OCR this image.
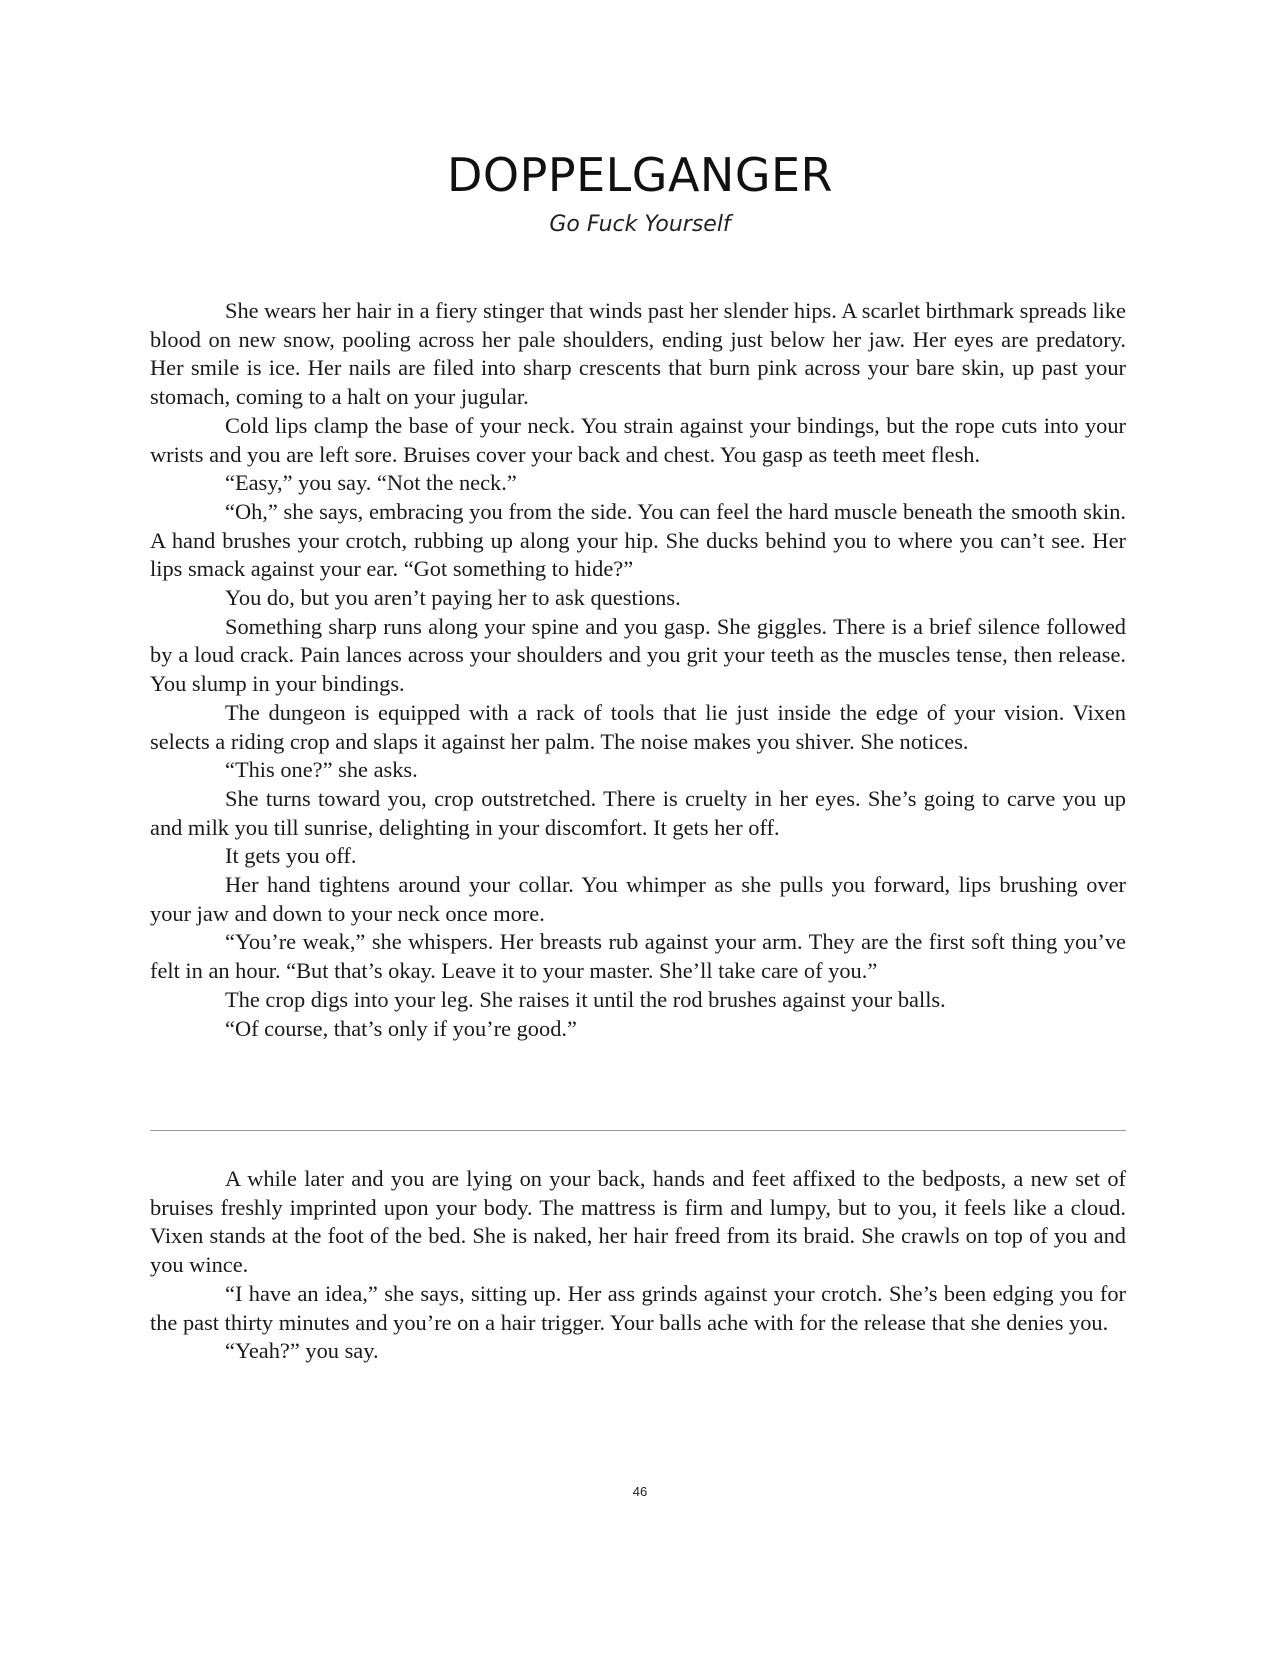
DOPPELGANGER
Go Fuck Yourself

She wears her hair in a fiery stinger that winds past her slender hips. A scarlet birthmark spreads like blood on new snow, pooling across her pale shoulders, ending just below her jaw. Her eyes are predatory. Her smile is ice. Her nails are filed into sharp crescents that burn pink across your bare skin, up past your stomach, coming to a halt on your jugular.

Cold lips clamp the base of your neck. You strain against your bindings, but the rope cuts into your wrists and you are left sore. Bruises cover your back and chest. You gasp as teeth meet flesh.

“Easy,” you say. “Not the neck.”

“Oh,” she says, embracing you from the side. You can feel the hard muscle beneath the smooth skin. A hand brushes your crotch, rubbing up along your hip. She ducks behind you to where you can’t see. Her lips smack against your ear. “Got something to hide?”

You do, but you aren’t paying her to ask questions.

Something sharp runs along your spine and you gasp. She giggles. There is a brief silence followed by a loud crack. Pain lances across your shoulders and you grit your teeth as the muscles tense, then release. You slump in your bindings.

The dungeon is equipped with a rack of tools that lie just inside the edge of your vision. Vixen selects a riding crop and slaps it against her palm. The noise makes you shiver. She notices.

“This one?” she asks.

She turns toward you, crop outstretched. There is cruelty in her eyes. She’s going to carve you up and milk you till sunrise, delighting in your discomfort. It gets her off.

It gets you off.

Her hand tightens around your collar. You whimper as she pulls you forward, lips brushing over your jaw and down to your neck once more.

“You’re weak,” she whispers. Her breasts rub against your arm. They are the first soft thing you’ve felt in an hour. “But that’s okay. Leave it to your master. She’ll take care of you.”

The crop digs into your leg. She raises it until the rod brushes against your balls.

“Of course, that’s only if you’re good.”

A while later and you are lying on your back, hands and feet affixed to the bedposts, a new set of bruises freshly imprinted upon your body. The mattress is firm and lumpy, but to you, it feels like a cloud. Vixen stands at the foot of the bed. She is naked, her hair freed from its braid. She crawls on top of you and you wince.

“I have an idea,” she says, sitting up. Her ass grinds against your crotch. She’s been edging you for the past thirty minutes and you’re on a hair trigger. Your balls ache with for the release that she denies you.

“Yeah?” you say.

46
